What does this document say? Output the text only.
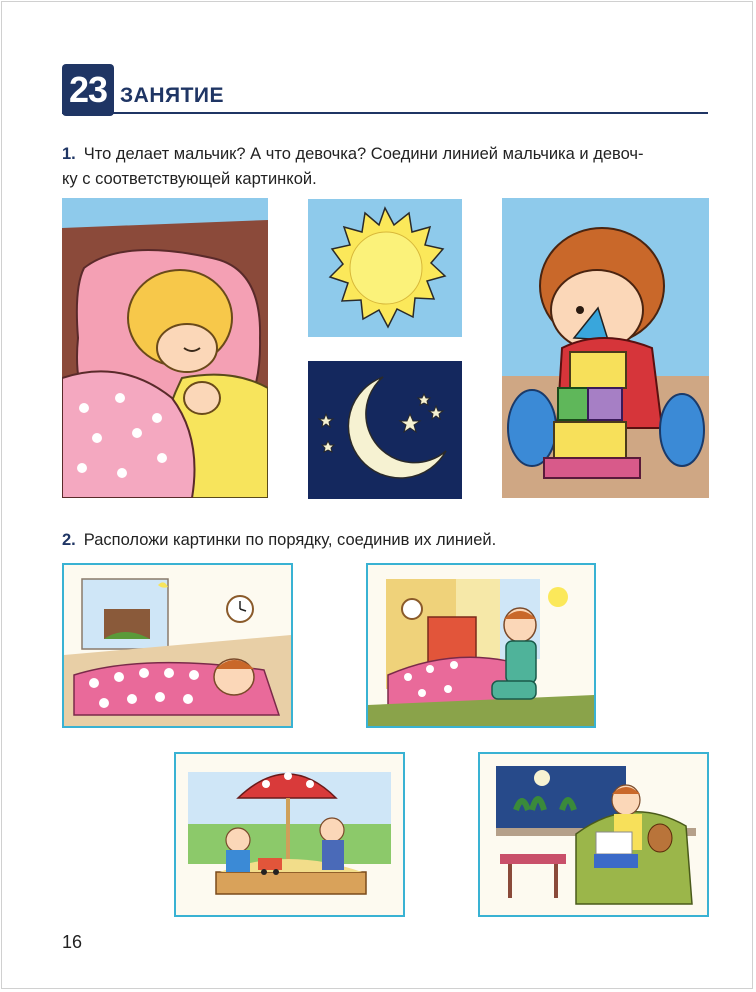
23 ЗАНЯТИЕ
1. Что делает мальчик? А что девочка? Соедини линией мальчика и девоч-
ку с соответствующей картинкой.
2. Расположи картинки по порядку, соединив их линией.
16
